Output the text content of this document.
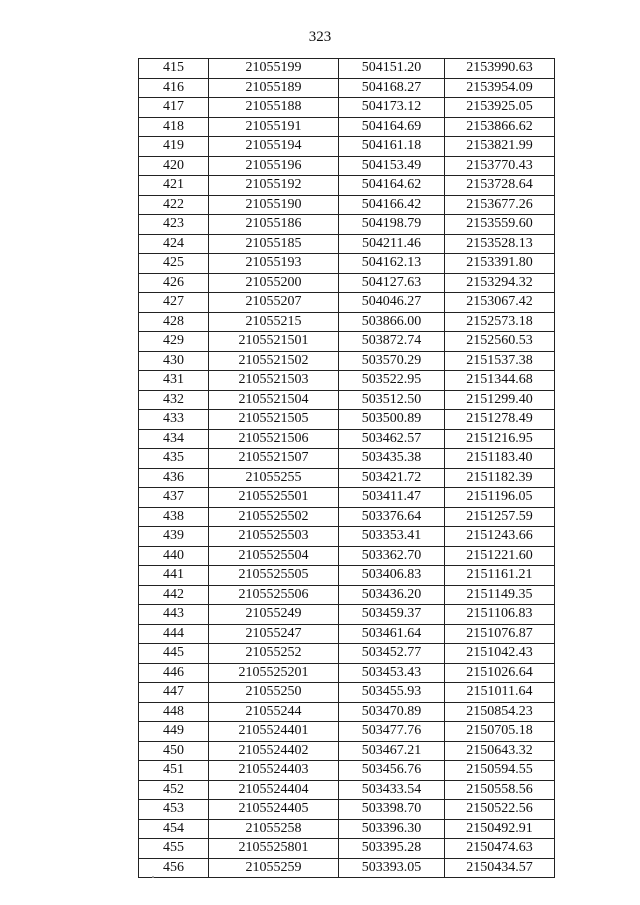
323
415	21055199	504151.20	2153990.63
416	21055189	504168.27	2153954.09
417	21055188	504173.12	2153925.05
418	21055191	504164.69	2153866.62
419	21055194	504161.18	2153821.99
420	21055196	504153.49	2153770.43
421	21055192	504164.62	2153728.64
422	21055190	504166.42	2153677.26
423	21055186	504198.79	2153559.60
424	21055185	504211.46	2153528.13
425	21055193	504162.13	2153391.80
426	21055200	504127.63	2153294.32
427	21055207	504046.27	2153067.42
428	21055215	503866.00	2152573.18
429	2105521501	503872.74	2152560.53
430	2105521502	503570.29	2151537.38
431	2105521503	503522.95	2151344.68
432	2105521504	503512.50	2151299.40
433	2105521505	503500.89	2151278.49
434	2105521506	503462.57	2151216.95
435	2105521507	503435.38	2151183.40
436	21055255	503421.72	2151182.39
437	2105525501	503411.47	2151196.05
438	2105525502	503376.64	2151257.59
439	2105525503	503353.41	2151243.66
440	2105525504	503362.70	2151221.60
441	2105525505	503406.83	2151161.21
442	2105525506	503436.20	2151149.35
443	21055249	503459.37	2151106.83
444	21055247	503461.64	2151076.87
445	21055252	503452.77	2151042.43
446	2105525201	503453.43	2151026.64
447	21055250	503455.93	2151011.64
448	21055244	503470.89	2150854.23
449	2105524401	503477.76	2150705.18
450	2105524402	503467.21	2150643.32
451	2105524403	503456.76	2150594.55
452	2105524404	503433.54	2150558.56
453	2105524405	503398.70	2150522.56
454	21055258	503396.30	2150492.91
455	2105525801	503395.28	2150474.63
456	21055259	503393.05	2150434.57
